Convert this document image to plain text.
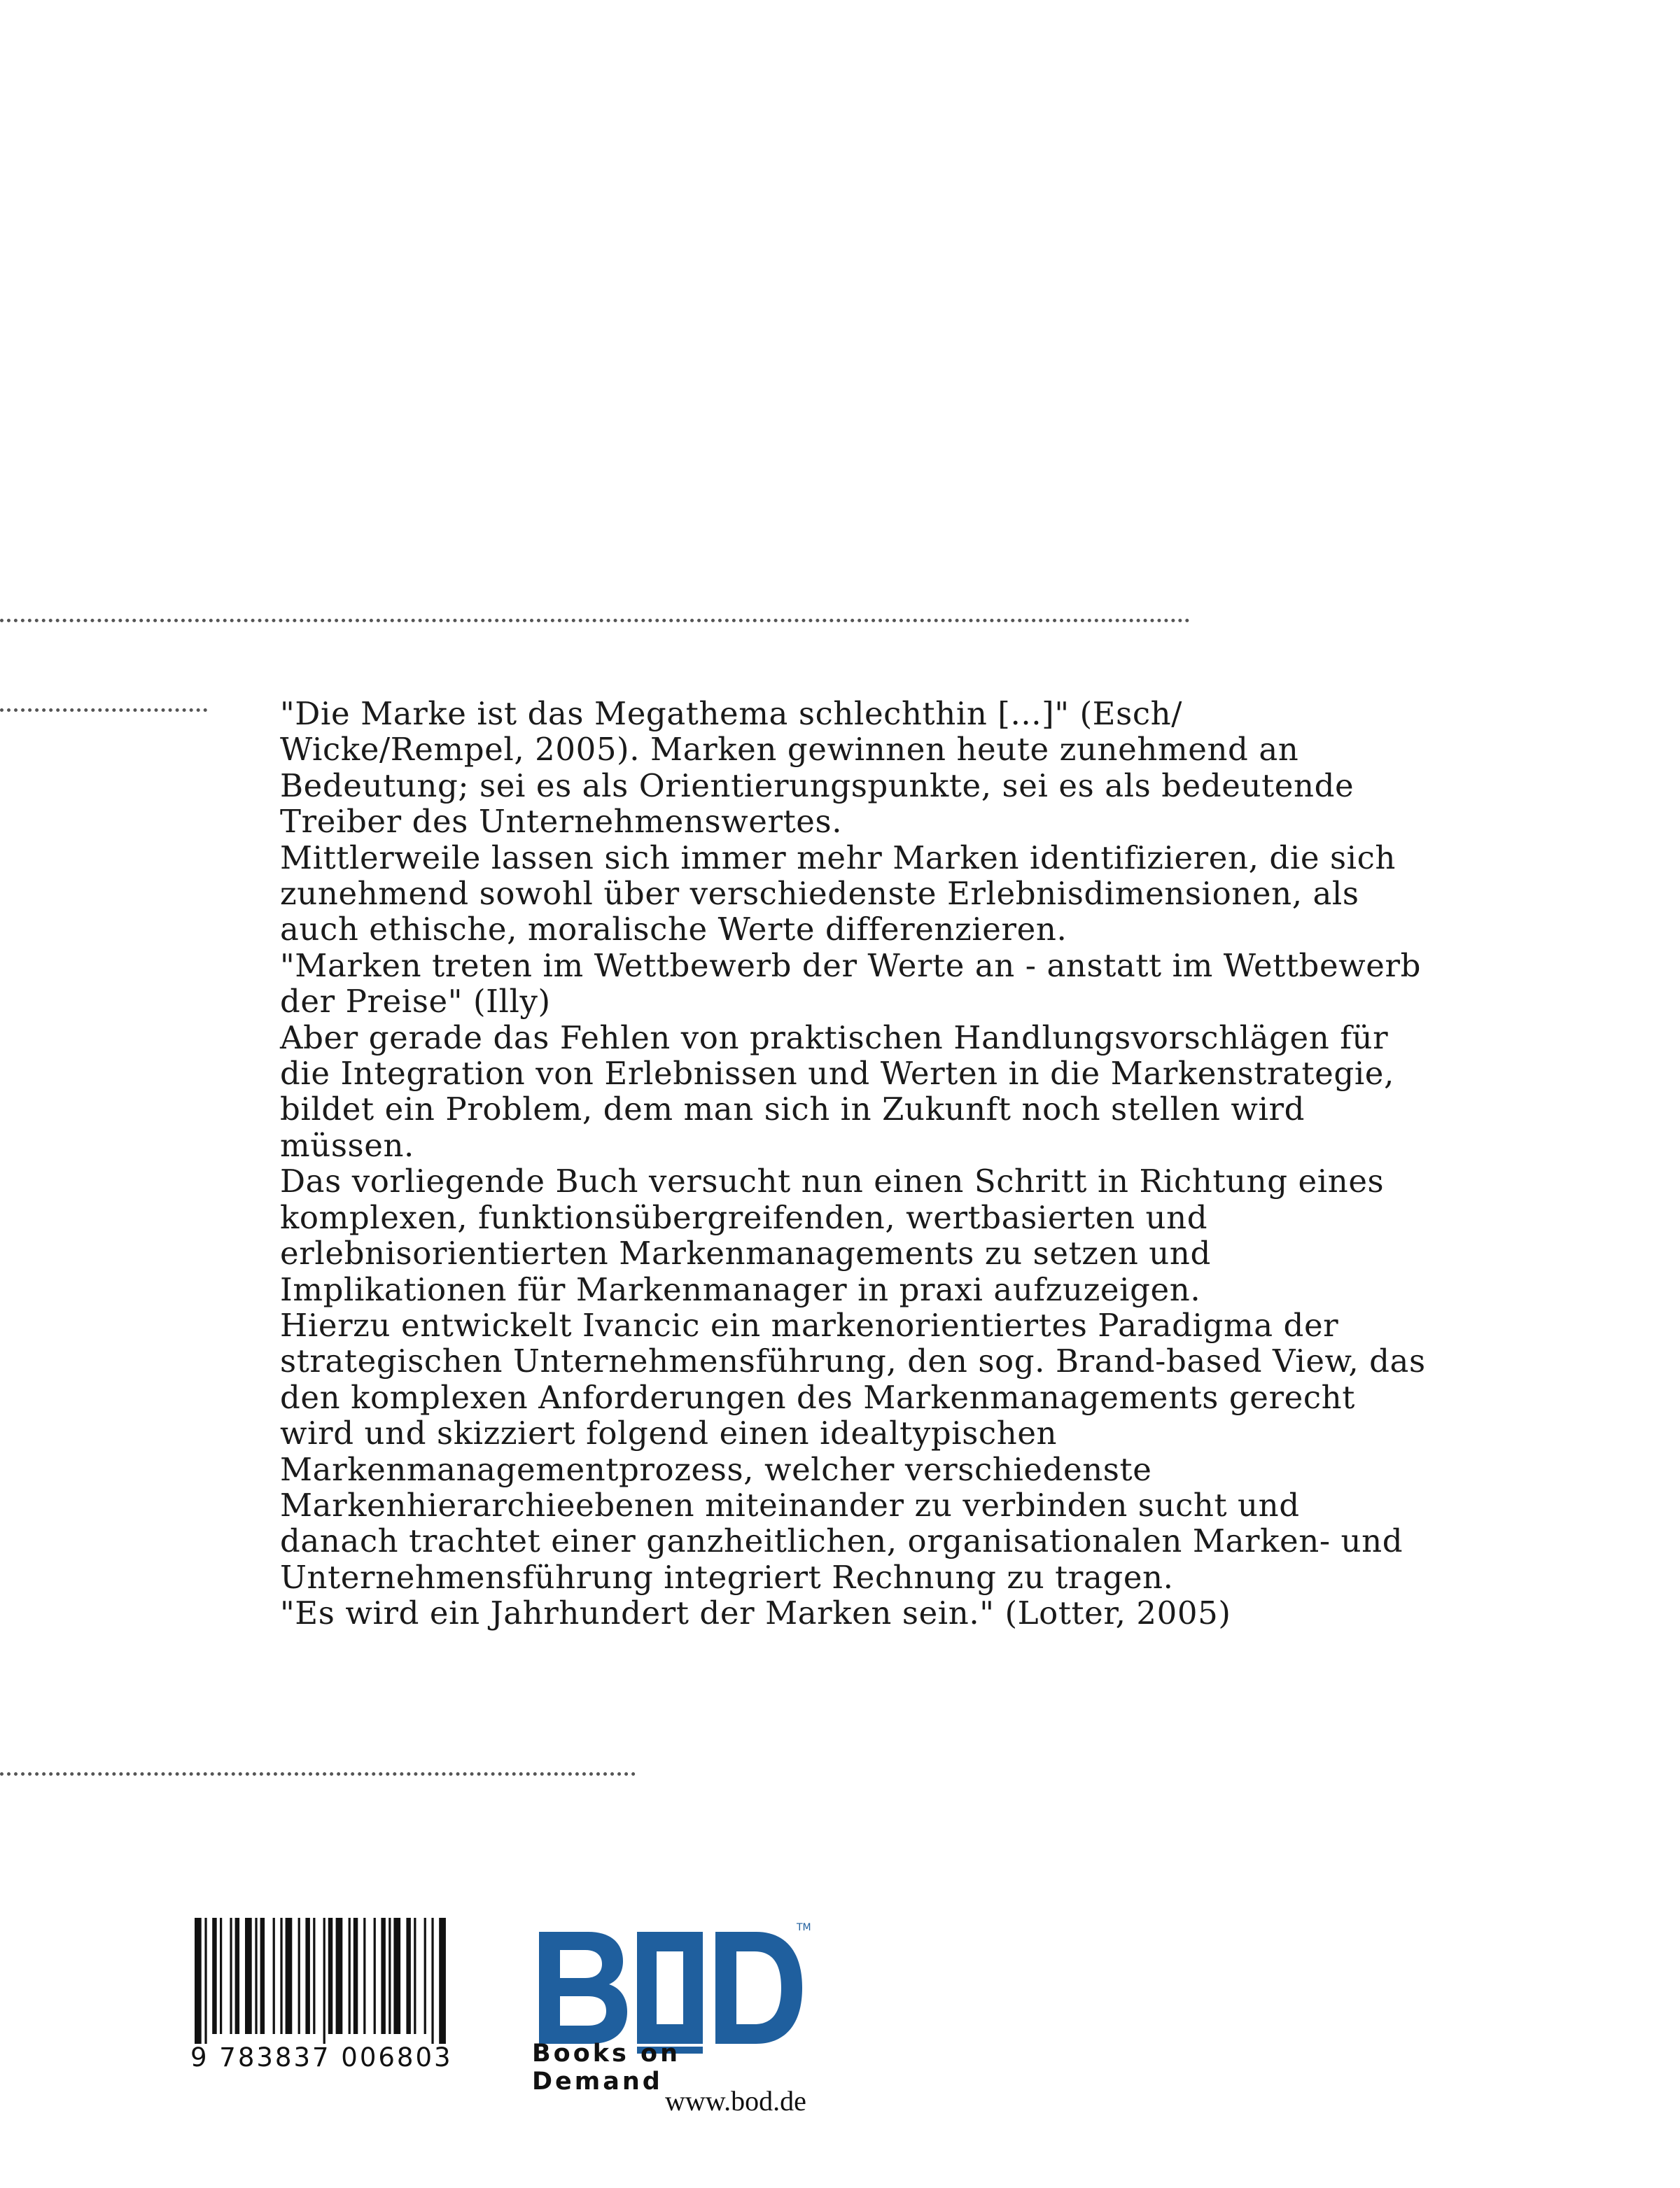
"Die Marke ist das Megathema schlechthin [...]" (Esch/ Wicke/Rempel, 2005). Marken gewinnen heute zunehmend an Bedeutung; sei es als Orientierungspunkte, sei es als bedeutende Treiber des Unternehmenswertes.

Mittlerweile lassen sich immer mehr Marken identifizieren, die sich zunehmend sowohl über verschiedenste Erlebnisdimensionen, als auch ethische, moralische Werte differenzieren.

"Marken treten im Wettbewerb der Werte an - anstatt im Wettbewerb der Preise" (Illy)

Aber gerade das Fehlen von praktischen Handlungsvorschlägen für die Integration von Erlebnissen und Werten in die Markenstrategie, bildet ein Problem, dem man sich in Zukunft noch stellen wird müssen.

Das vorliegende Buch versucht nun einen Schritt in Richtung eines komplexen, funktionsübergreifenden, wertbasierten und erlebnisorientierten Markenmanagements zu setzen und Implikationen für Markenmanager in praxi aufzuzeigen.

Hierzu entwickelt Ivancic ein markenorientiertes Paradigma der strategischen Unternehmensführung, den sog. Brand-based View, das den komplexen Anforderungen des Markenmanagements gerecht wird und skizziert folgend einen idealtypischen Markenmanagementprozess, welcher verschiedenste Markenhierarchieebenen miteinander zu verbinden sucht und danach trachtet einer ganzheitlichen, organisationalen Marken- und Unternehmensführung integriert Rechnung zu tragen.

"Es wird ein Jahrhundert der Marken sein." (Lotter, 2005)

9 783837 006803
TM
Books on Demand
www.bod.de
